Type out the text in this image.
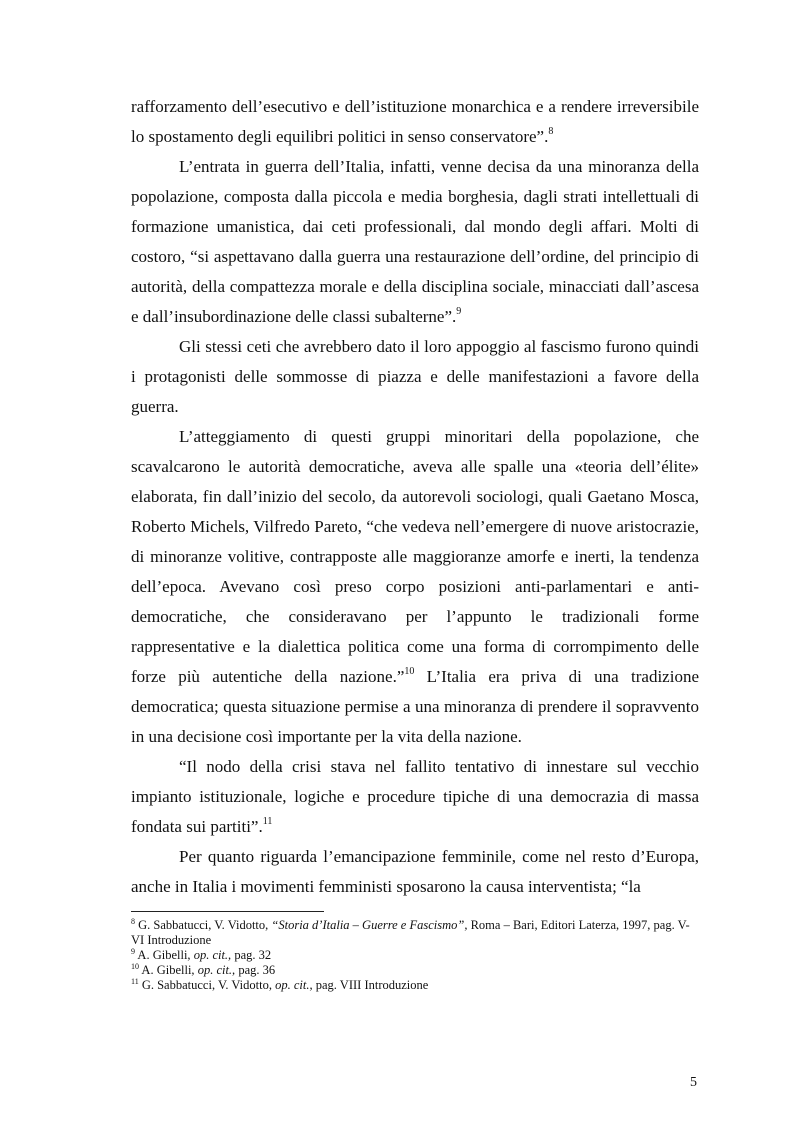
rafforzamento dell’esecutivo e dell’istituzione monarchica e a rendere irreversibile lo spostamento degli equilibri politici in senso conservatore”.$^8$

L’entrata in guerra dell’Italia, infatti, venne decisa da una minoranza della popolazione, composta dalla piccola e media borghesia, dagli strati intellettuali di formazione umanistica, dai ceti professionali, dal mondo degli affari. Molti di costoro, “si aspettavano dalla guerra una restaurazione dell’ordine, del principio di autorità, della compattezza morale e della disciplina sociale, minacciati dall’ascesa e dall’insubordinazione delle classi subalterne”.$^9$

Gli stessi ceti che avrebbero dato il loro appoggio al fascismo furono quindi i protagonisti delle sommosse di piazza e delle manifestazioni a favore della guerra.

L’atteggiamento di questi gruppi minoritari della popolazione, che scavalcarono le autorità democratiche, aveva alle spalle una «teoria dell’élite» elaborata, fin dall’inizio del secolo, da autorevoli sociologi, quali Gaetano Mosca, Roberto Michels, Vilfredo Pareto, “che vedeva nell’emergere di nuove aristocrazie, di minoranze volitive, contrapposte alle maggioranze amorfe e inerti, la tendenza dell’epoca. Avevano così preso corpo posizioni anti-parlamentari e anti-democratiche, che consideravano per l’appunto le tradizionali forme rappresentative e la dialettica politica come una forma di corrompimento delle forze più autentiche della nazione.”$^{10}$ L’Italia era priva di una tradizione democratica; questa situazione permise a una minoranza di prendere il sopravvento in una decisione così importante per la vita della nazione.

“Il nodo della crisi stava nel fallito tentativo di innestare sul vecchio impianto istituzionale, logiche e procedure tipiche di una democrazia di massa fondata sui partiti”.$^{11}$

Per quanto riguarda l’emancipazione femminile, come nel resto d’Europa, anche in Italia i movimenti femministi sposarono la causa interventista; “la

$^8$ G. Sabbatucci, V. Vidotto, “Storia d’Italia – Guerre e Fascismo”, Roma – Bari, Editori Laterza, 1997, pag. V-VI Introduzione

$^9$ A. Gibelli, op. cit., pag. 32

$^{10}$ A. Gibelli, op. cit., pag. 36

$^{11}$ G. Sabbatucci, V. Vidotto, op. cit., pag. VIII Introduzione

5
